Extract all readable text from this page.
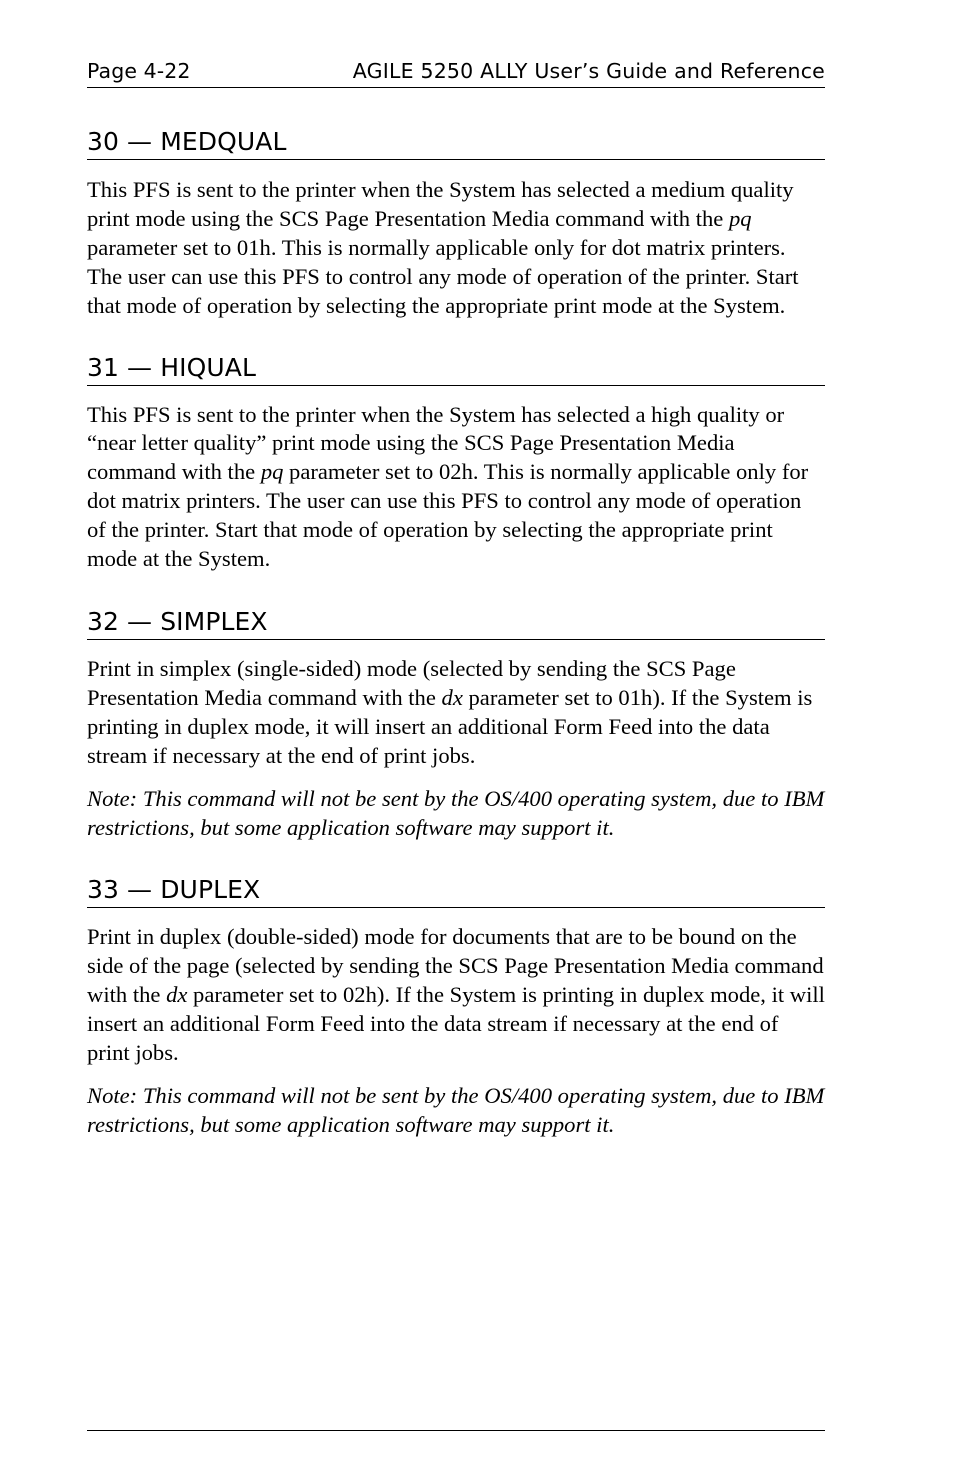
Page 4-22	AGILE 5250 ALLY User’s Guide and Reference
30 — MEDQUAL

This PFS is sent to the printer when the System has selected a medium quality print mode using the SCS Page Presentation Media command with the pq parameter set to 01h. This is normally applicable only for dot matrix printers. The user can use this PFS to control any mode of operation of the printer. Start that mode of operation by selecting the appropriate print mode at the System.

31 — HIQUAL

This PFS is sent to the printer when the System has selected a high quality or “near letter quality” print mode using the SCS Page Presentation Media command with the pq parameter set to 02h. This is normally applicable only for dot matrix printers. The user can use this PFS to control any mode of operation of the printer. Start that mode of operation by selecting the appropriate print mode at the System.

32 — SIMPLEX

Print in simplex (single-sided) mode (selected by sending the SCS Page Presentation Media command with the dx parameter set to 01h). If the System is printing in duplex mode, it will insert an additional Form Feed into the data stream if necessary at the end of print jobs.

Note: This command will not be sent by the OS/400 operating system, due to IBM restrictions, but some application software may support it.

33 — DUPLEX

Print in duplex (double-sided) mode for documents that are to be bound on the side of the page (selected by sending the SCS Page Presentation Media command with the dx parameter set to 02h). If the System is printing in duplex mode, it will insert an additional Form Feed into the data stream if necessary at the end of print jobs.

Note: This command will not be sent by the OS/400 operating system, due to IBM restrictions, but some application software may support it.
